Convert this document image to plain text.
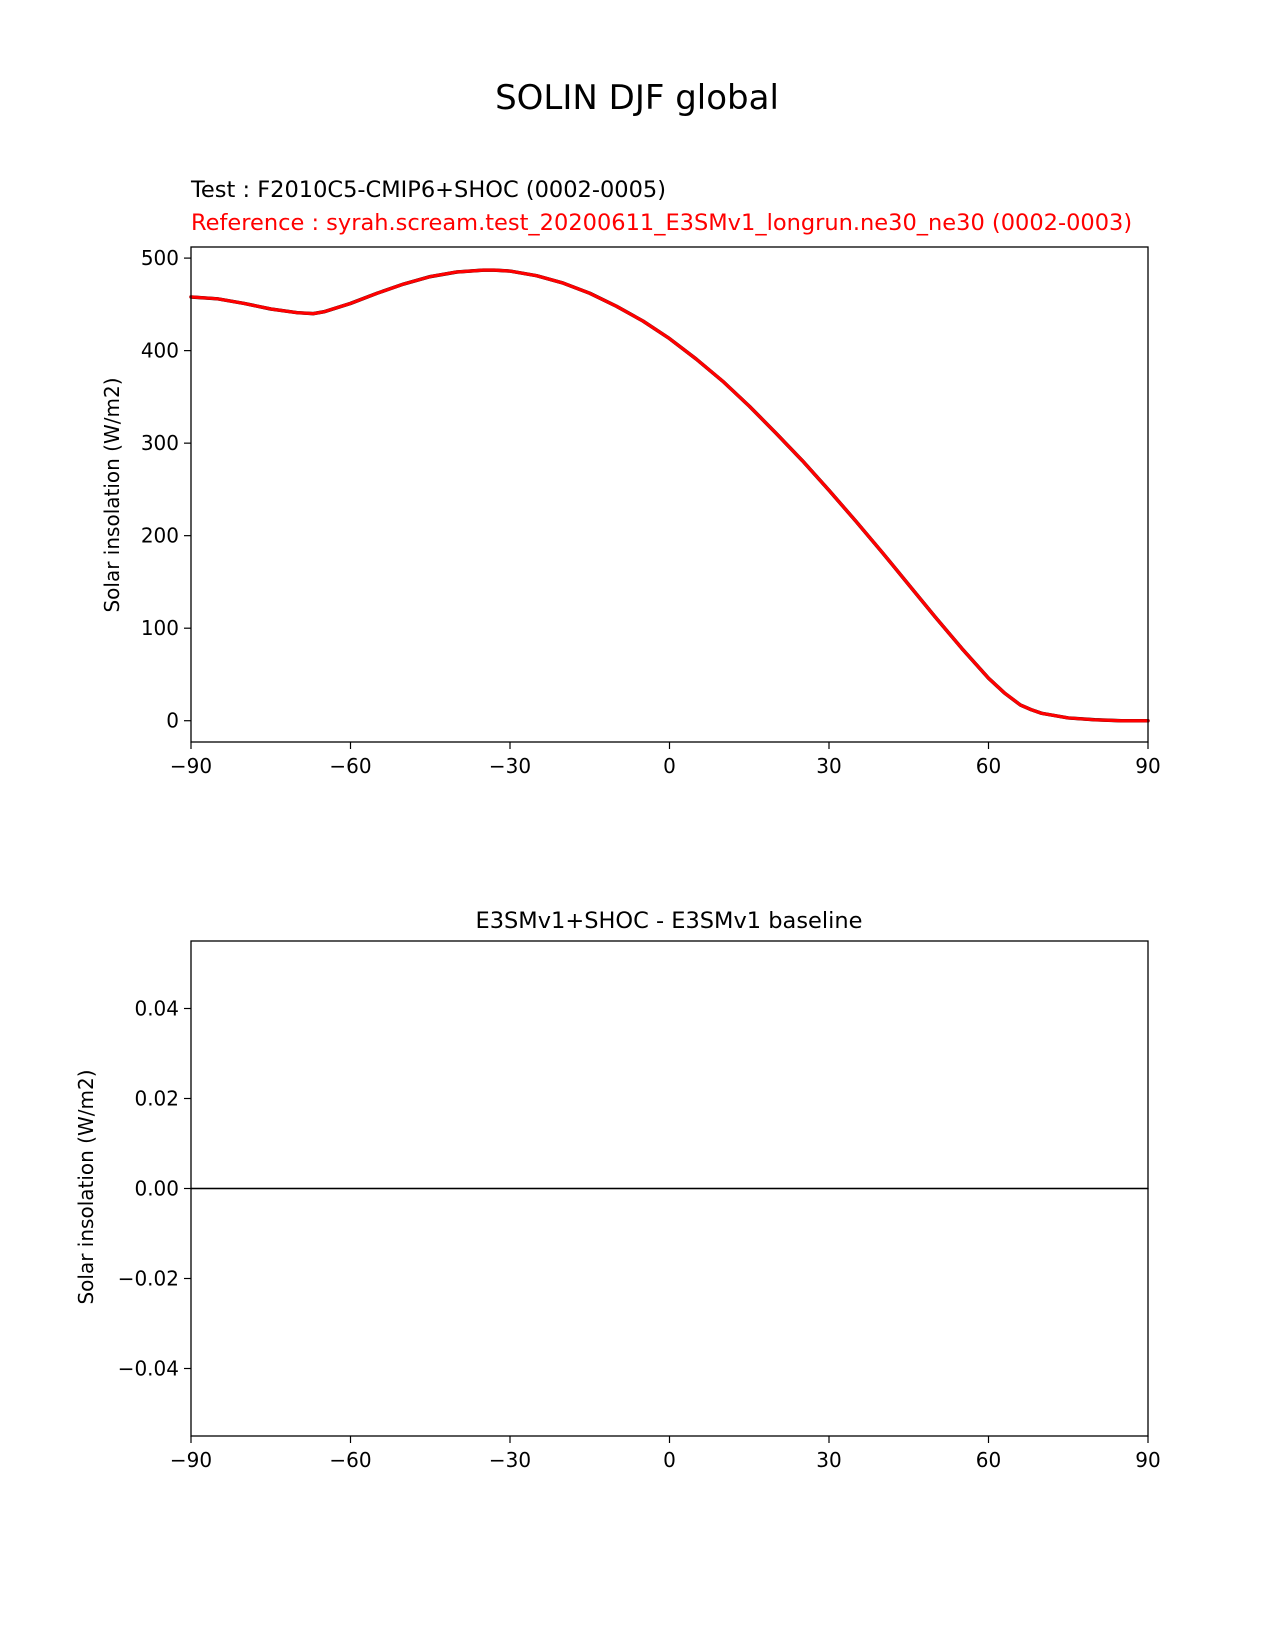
SOLIN DJF global
Test : F2010C5-CMIP6+SHOC (0002-0005)
Reference : syrah.scream.test_20200611_E3SMv1_longrun.ne30_ne30 (0002-0003)
Solar insolation (W/m2)
−90	−60	−30	0	30	60	90
0
100
200
300
400
500
E3SMv1+SHOC - E3SMv1 baseline
Solar insolation (W/m2)
−90	−60	−30	0	30	60	90
−0.04
−0.02
0.00
0.02
0.04
